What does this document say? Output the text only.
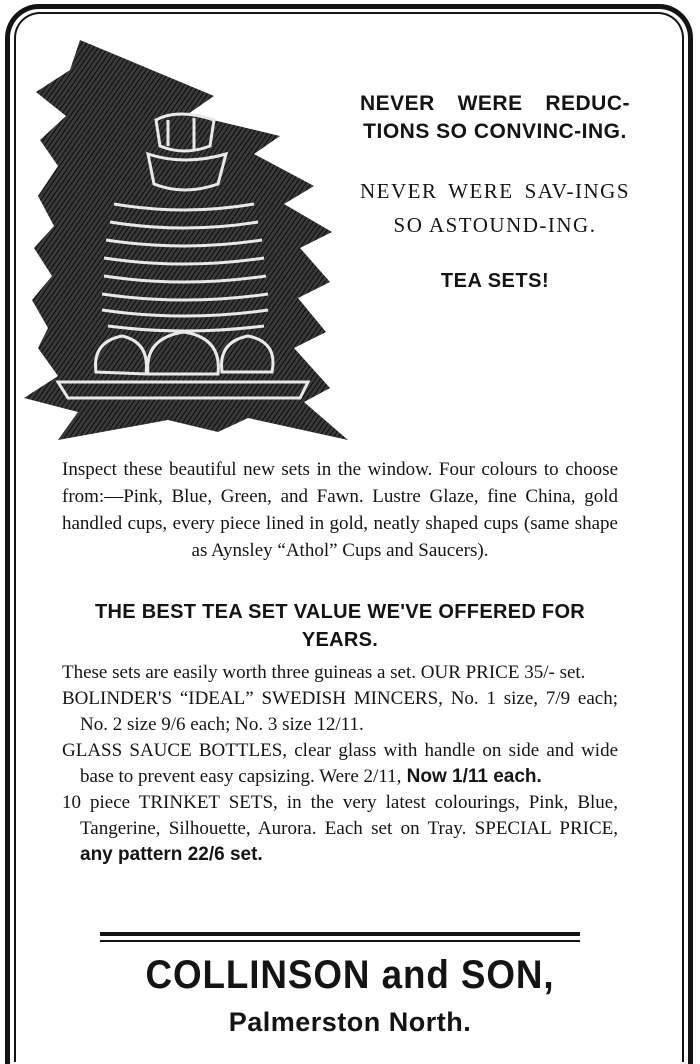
NEVER WERE REDUC-TIONS SO CONVINC-ING.

NEVER WERE SAV-INGS SO ASTOUND-ING.

TEA SETS!

Inspect these beautiful new sets in the window. Four colours to choose from:—Pink, Blue, Green, and Fawn. Lustre Glaze, fine China, gold handled cups, every piece lined in gold, neatly shaped cups (same shape as Aynsley “Athol” Cups and Saucers).

THE BEST TEA SET VALUE WE'VE OFFERED FOR YEARS.

These sets are easily worth three guineas a set. OUR PRICE 35/- set.

BOLINDER'S “IDEAL” SWEDISH MINCERS, No. 1 size, 7/9 each; No. 2 size 9/6 each; No. 3 size 12/11.

GLASS SAUCE BOTTLES, clear glass with handle on side and wide base to prevent easy capsizing. Were 2/11, Now 1/11 each.

10 piece TRINKET SETS, in the very latest colourings, Pink, Blue, Tangerine, Silhouette, Aurora. Each set on Tray. SPECIAL PRICE, any pattern 22/6 set.

COLLINSON and SON,

Palmerston North.
